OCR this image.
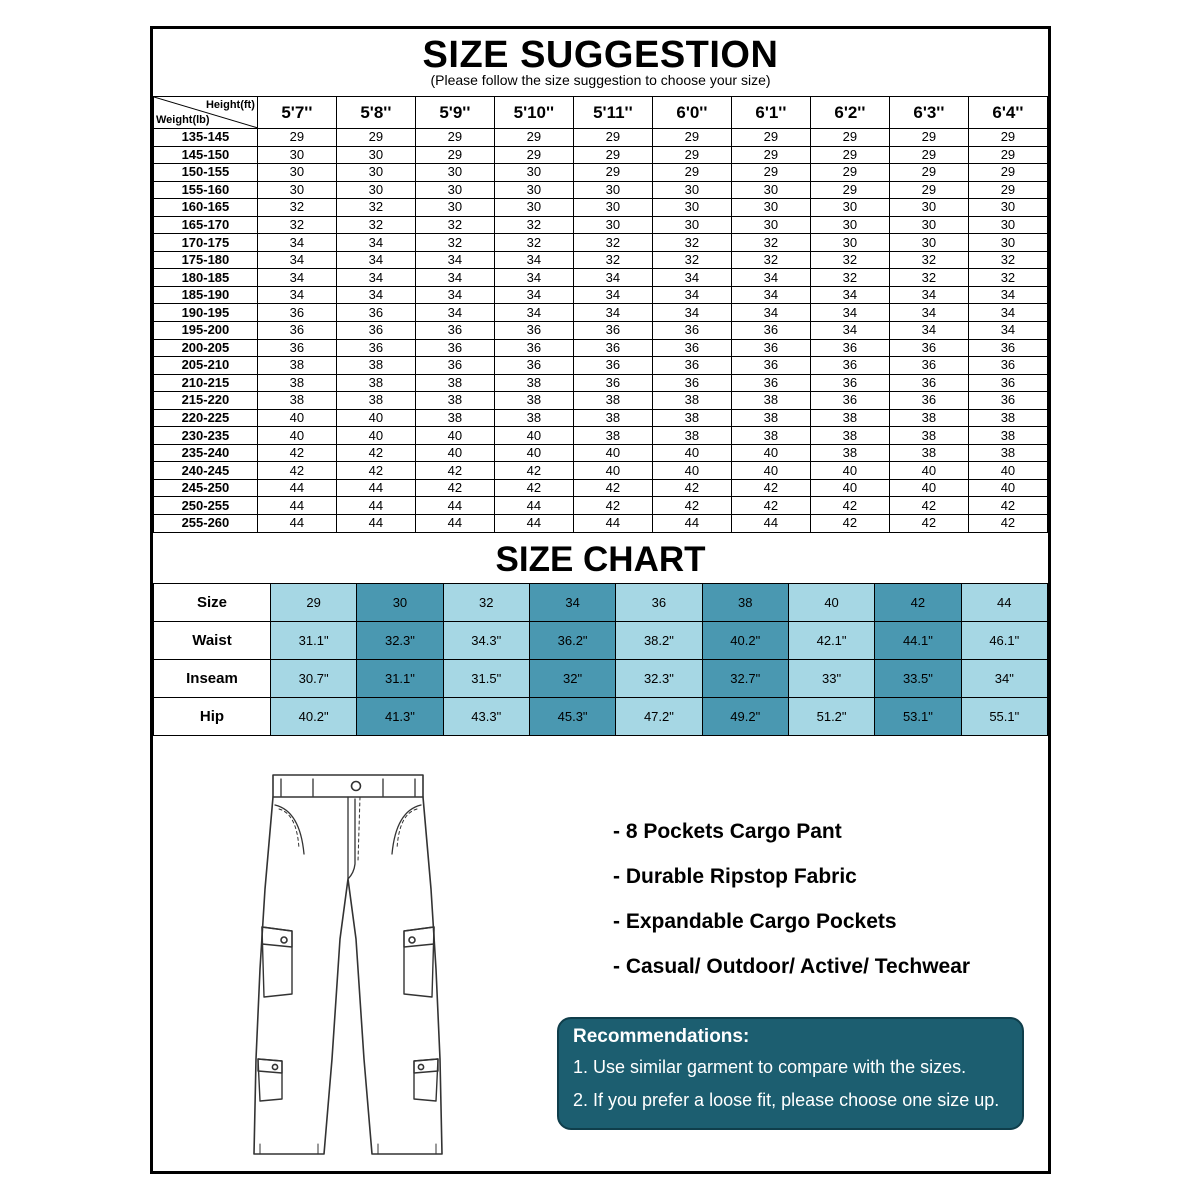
SIZE SUGGESTION
(Please follow the size suggestion to choose your size)
Height(ft)
Weight(lb)	5'7''	5'8''	5'9''	5'10''	5'11''	6'0''	6'1''	6'2''	6'3''	6'4''
135-145	29	29	29	29	29	29	29	29	29	29
145-150	30	30	29	29	29	29	29	29	29	29
150-155	30	30	30	30	29	29	29	29	29	29
155-160	30	30	30	30	30	30	30	29	29	29
160-165	32	32	30	30	30	30	30	30	30	30
165-170	32	32	32	32	30	30	30	30	30	30
170-175	34	34	32	32	32	32	32	30	30	30
175-180	34	34	34	34	32	32	32	32	32	32
180-185	34	34	34	34	34	34	34	32	32	32
185-190	34	34	34	34	34	34	34	34	34	34
190-195	36	36	34	34	34	34	34	34	34	34
195-200	36	36	36	36	36	36	36	34	34	34
200-205	36	36	36	36	36	36	36	36	36	36
205-210	38	38	36	36	36	36	36	36	36	36
210-215	38	38	38	38	36	36	36	36	36	36
215-220	38	38	38	38	38	38	38	36	36	36
220-225	40	40	38	38	38	38	38	38	38	38
230-235	40	40	40	40	38	38	38	38	38	38
235-240	42	42	40	40	40	40	40	38	38	38
240-245	42	42	42	42	40	40	40	40	40	40
245-250	44	44	42	42	42	42	42	40	40	40
250-255	44	44	44	44	42	42	42	42	42	42
255-260	44	44	44	44	44	44	44	42	42	42
SIZE CHART
Size	29	30	32	34	36	38	40	42	44
Waist	31.1"	32.3"	34.3"	36.2"	38.2"	40.2"	42.1"	44.1"	46.1"
Inseam	30.7"	31.1"	31.5"	32"	32.3"	32.7"	33"	33.5"	34"
Hip	40.2"	41.3"	43.3"	45.3"	47.2"	49.2"	51.2"	53.1"	55.1"
- 8 Pockets Cargo Pant
- Durable Ripstop Fabric
- Expandable Cargo Pockets
- Casual/ Outdoor/ Active/ Techwear
Recommendations:
1. Use similar garment to compare with the sizes.
2. If you prefer a loose fit, please choose one size up.
